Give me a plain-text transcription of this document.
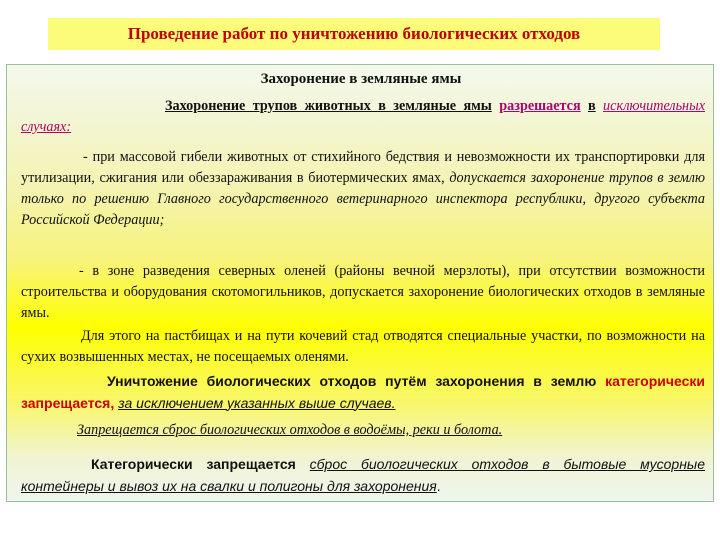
Проведение работ по уничтожению биологических отходов

Захоронение в земляные ямы

Захоронение трупов животных в земляные ямы разрешается в исключительных случаях:

- при массовой гибели животных от стихийного бедствия и невозможности их транспортировки для утилизации, сжигания или обеззараживания в биотермических ямах, допускается захоронение трупов в землю только по решению Главного государственного ветеринарного инспектора республики, другого субъекта Российской Федерации;

- в зоне разведения северных оленей (районы вечной мерзлоты), при отсутствии возможности строительства и оборудования скотомогильников, допускается захоронение биологических отходов в земляные ямы.

Для этого на пастбищах и на пути кочевий стад отводятся специальные участки, по возможности на сухих возвышенных местах, не посещаемых оленями.

Уничтожение биологических отходов путём захоронения в землю категорически запрещается, за исключением указанных выше случаев.

Запрещается сброс биологических отходов в водоёмы, реки и болота.

Категорически запрещается сброс биологических отходов в бытовые мусорные контейнеры и вывоз их на свалки и полигоны для захоронения.
